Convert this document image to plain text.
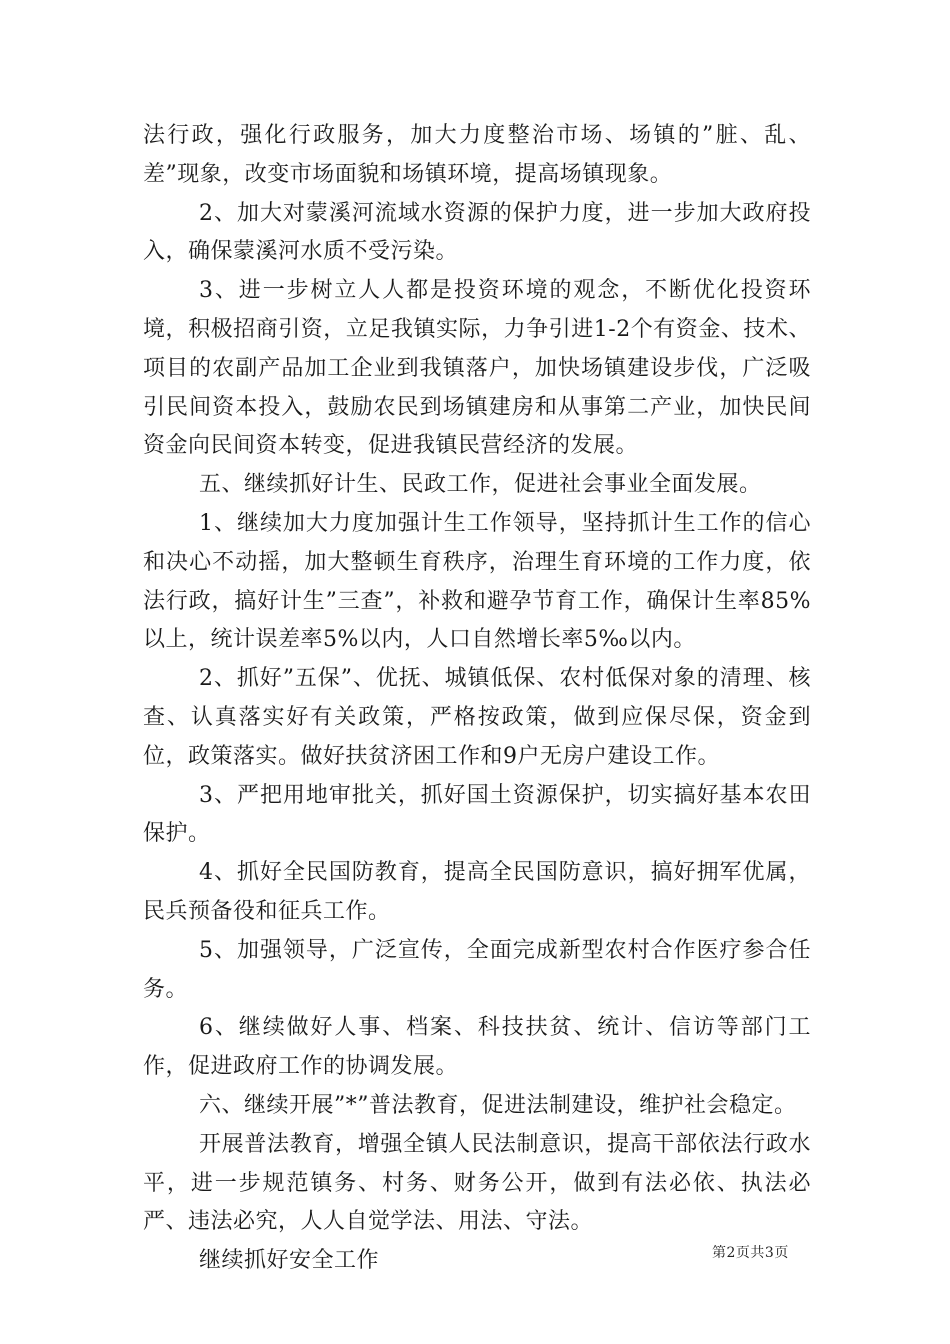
法行政，强化行政服务，加大力度整治市场、场镇的”脏、乱、差”现象，改变市场面貌和场镇环境，提高场镇现象。

2、加大对蒙溪河流域水资源的保护力度，进一步加大政府投入，确保蒙溪河水质不受污染。

3、进一步树立人人都是投资环境的观念，不断优化投资环境，积极招商引资，立足我镇实际，力争引进1-2个有资金、技术、项目的农副产品加工企业到我镇落户，加快场镇建设步伐，广泛吸引民间资本投入，鼓励农民到场镇建房和从事第二产业，加快民间资金向民间资本转变，促进我镇民营经济的发展。

五、继续抓好计生、民政工作，促进社会事业全面发展。

1、继续加大力度加强计生工作领导，坚持抓计生工作的信心和决心不动摇，加大整顿生育秩序，治理生育环境的工作力度，依法行政，搞好计生”三查”，补救和避孕节育工作，确保计生率85%以上，统计误差率5%以内，人口自然增长率5‰以内。

2、抓好”五保”、优抚、城镇低保、农村低保对象的清理、核查、认真落实好有关政策，严格按政策，做到应保尽保，资金到位，政策落实。做好扶贫济困工作和9户无房户建设工作。

3、严把用地审批关，抓好国土资源保护，切实搞好基本农田保护。

4、抓好全民国防教育，提高全民国防意识，搞好拥军优属，民兵预备役和征兵工作。

5、加强领导，广泛宣传，全面完成新型农村合作医疗参合任务。

6、继续做好人事、档案、科技扶贫、统计、信访等部门工作，促进政府工作的协调发展。

六、继续开展”*”普法教育，促进法制建设，维护社会稳定。

开展普法教育，增强全镇人民法制意识，提高干部依法行政水平，进一步规范镇务、村务、财务公开，做到有法必依、执法必严、违法必究，人人自觉学法、用法、守法。

继续抓好安全工作	第2页共3页
